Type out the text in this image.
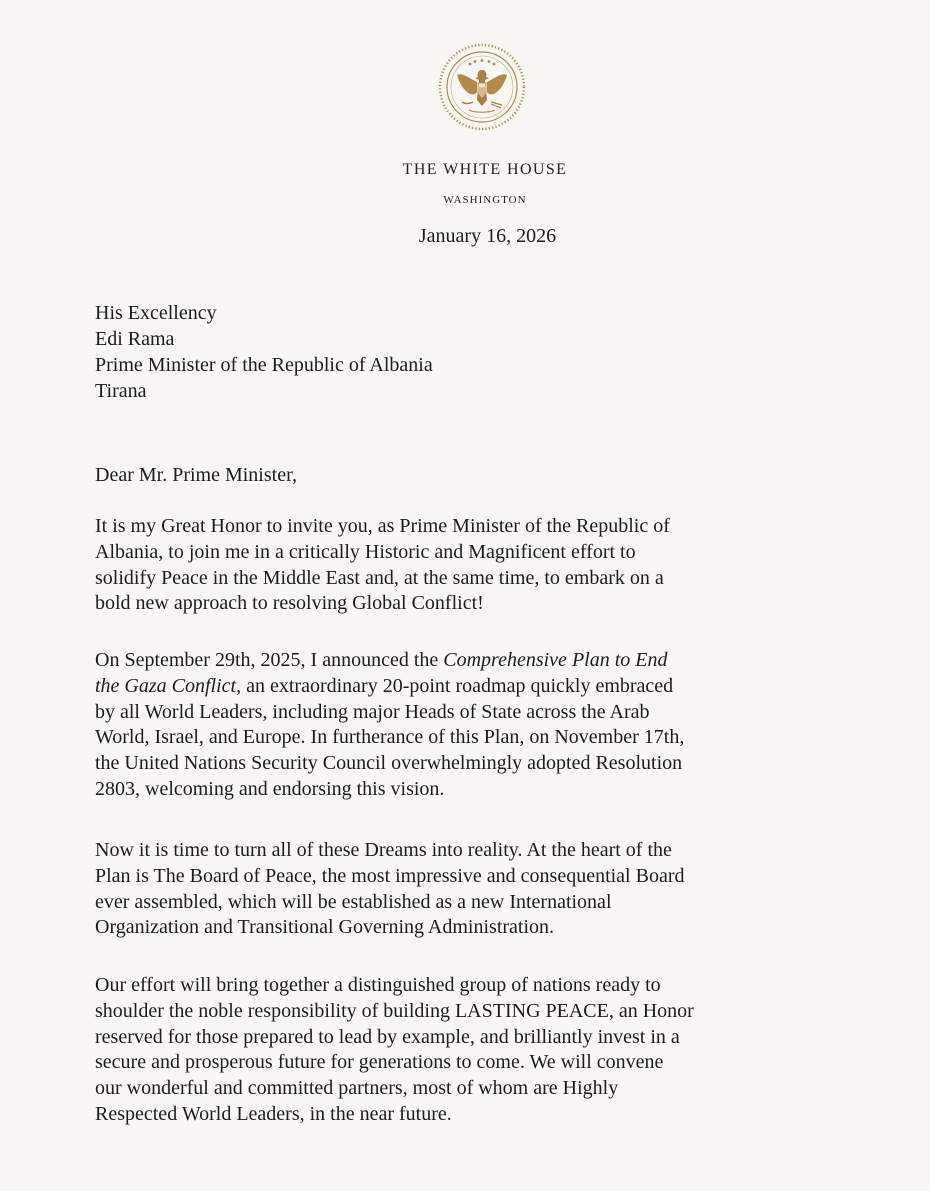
THE WHITE HOUSE
WASHINGTON
January 16, 2026
His Excellency
Edi Rama
Prime Minister of the Republic of Albania
Tirana
Dear Mr. Prime Minister,
It is my Great Honor to invite you, as Prime Minister of the Republic of
Albania, to join me in a critically Historic and Magnificent effort to
solidify Peace in the Middle East and, at the same time, to embark on a
bold new approach to resolving Global Conflict!
On September 29th, 2025, I announced the Comprehensive Plan to End
the Gaza Conflict, an extraordinary 20-point roadmap quickly embraced
by all World Leaders, including major Heads of State across the Arab
World, Israel, and Europe. In furtherance of this Plan, on November 17th,
the United Nations Security Council overwhelmingly adopted Resolution
2803, welcoming and endorsing this vision.
Now it is time to turn all of these Dreams into reality. At the heart of the
Plan is The Board of Peace, the most impressive and consequential Board
ever assembled, which will be established as a new International
Organization and Transitional Governing Administration.
Our effort will bring together a distinguished group of nations ready to
shoulder the noble responsibility of building LASTING PEACE, an Honor
reserved for those prepared to lead by example, and brilliantly invest in a
secure and prosperous future for generations to come. We will convene
our wonderful and committed partners, most of whom are Highly
Respected World Leaders, in the near future.
